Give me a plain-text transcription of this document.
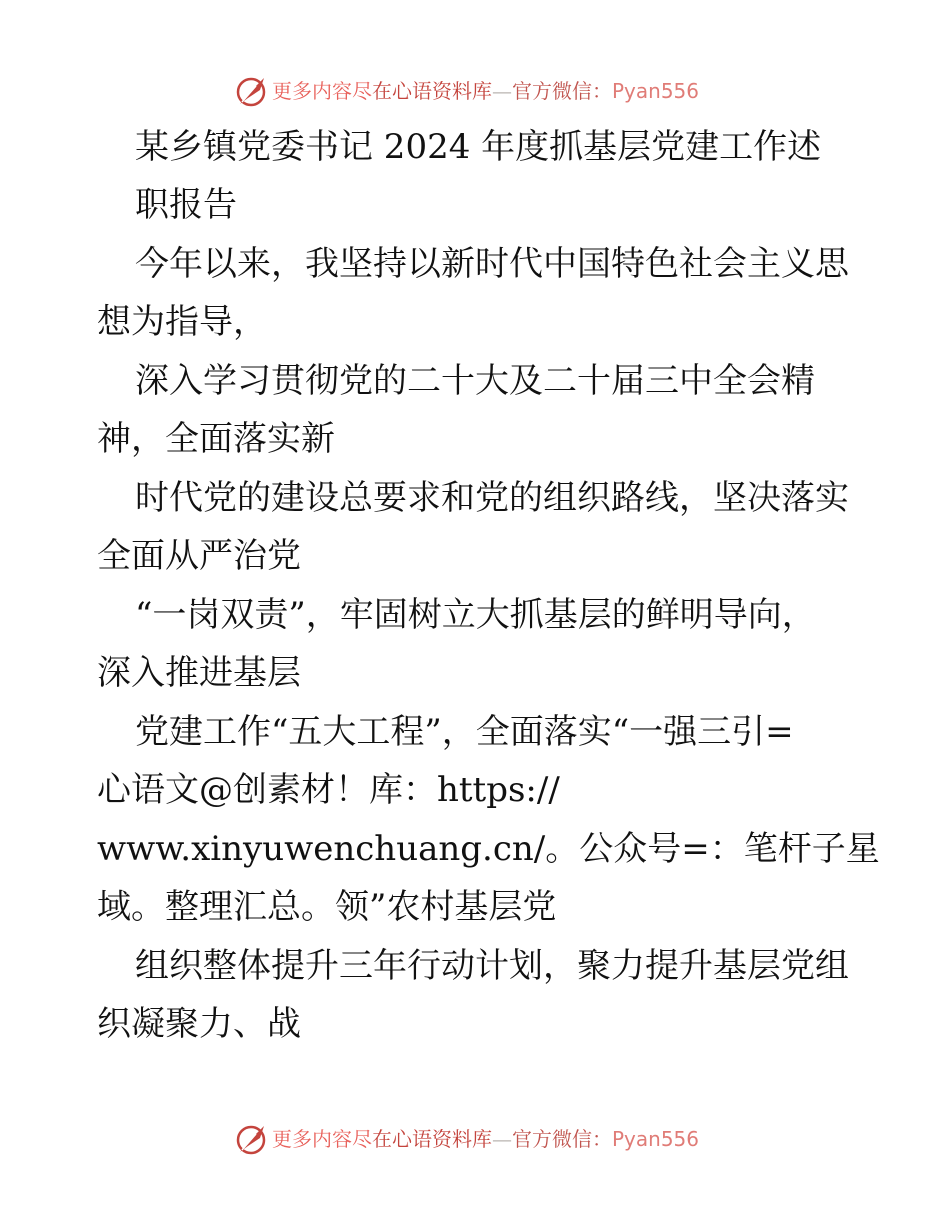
更多内容尽在心语资料库—官方微信：Pyan556
某乡镇党委书记 2024 年度抓基层党建工作述
职报告
今年以来，我坚持以新时代中国特色社会主义思
想为指导，
深入学习贯彻党的二十大及二十届三中全会精
神，全面落实新
时代党的建设总要求和党的组织路线，坚决落实
全面从严治党
“一岗双责”，牢固树立大抓基层的鲜明导向，
深入推进基层
党建工作“五大工程”，全面落实“一强三引=
心语文@创素材！库：https://
www.xinyuwenchuang.cn/。公众号=：笔杆子星
域。整理汇总。领”农村基层党
组织整体提升三年行动计划，聚力提升基层党组
织凝聚力、战
更多内容尽在心语资料库—官方微信：Pyan556
